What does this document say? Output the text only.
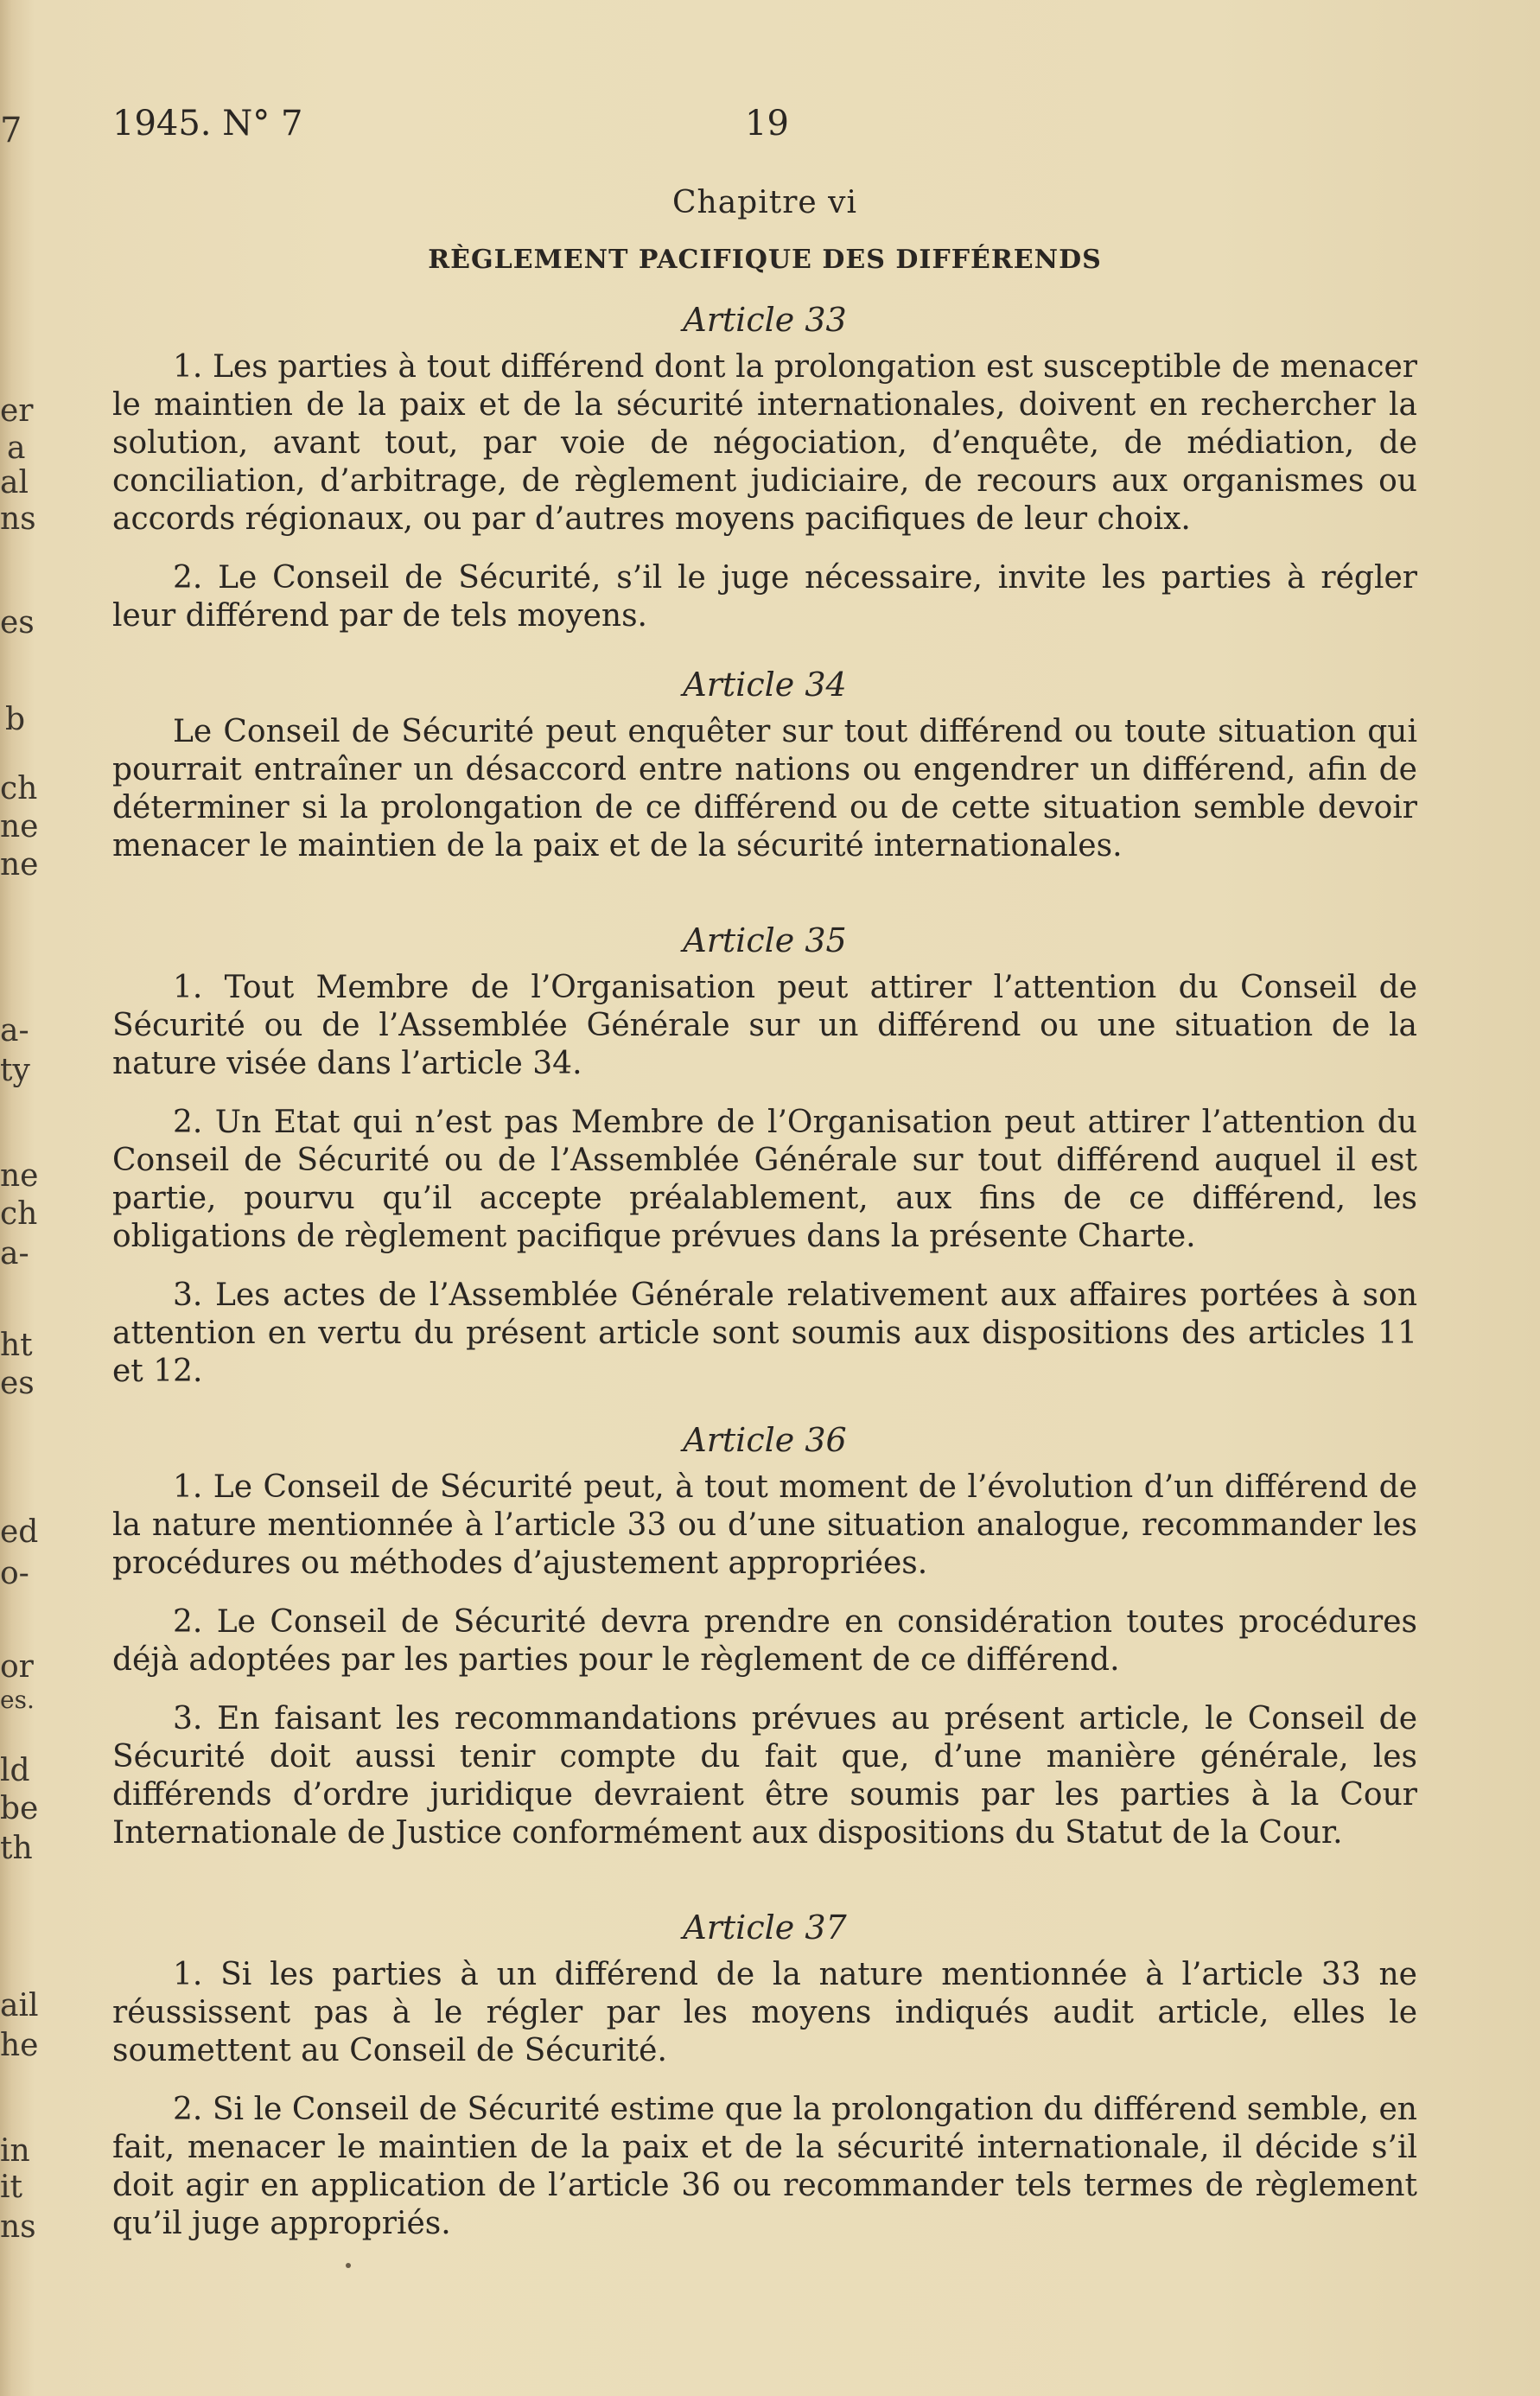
7
er
a
al
ns
es
b
ch
ne
ne
a-
ty
ne
ch
a-
ht
es
ed
o-
or
es.
ld
be
th
ail
he
in
it
ns
1945. N° 7	19

Chapitre vi

RÈGLEMENT PACIFIQUE DES DIFFÉRENDS

Article 33

1. Les parties à tout différend dont la prolongation est susceptible de menacer le maintien de la paix et de la sécurité internationales, doivent en rechercher la solution, avant tout, par voie de négociation, d’enquête, de médiation, de conciliation, d’arbitrage, de règlement judiciaire, de recours aux organismes ou accords régionaux, ou par d’autres moyens pacifiques de leur choix.

2. Le Conseil de Sécurité, s’il le juge nécessaire, invite les parties à régler leur différend par de tels moyens.

Article 34

Le Conseil de Sécurité peut enquêter sur tout différend ou toute situation qui pourrait entraîner un désaccord entre nations ou engendrer un différend, afin de déterminer si la prolongation de ce différend ou de cette situation semble devoir menacer le maintien de la paix et de la sécurité internationales.

Article 35

1. Tout Membre de l’Organisation peut attirer l’attention du Conseil de Sécurité ou de l’Assemblée Générale sur un différend ou une situation de la nature visée dans l’article 34.

2. Un Etat qui n’est pas Membre de l’Organisation peut attirer l’attention du Conseil de Sécurité ou de l’Assemblée Générale sur tout différend auquel il est partie, pourvu qu’il accepte préalablement, aux fins de ce différend, les obligations de règlement pacifique prévues dans la présente Charte.

3. Les actes de l’Assemblée Générale relativement aux affaires portées à son attention en vertu du présent article sont soumis aux dispositions des articles 11 et 12.

Article 36

1. Le Conseil de Sécurité peut, à tout moment de l’évolution d’un différend de la nature mentionnée à l’article 33 ou d’une situation analogue, recommander les procédures ou méthodes d’ajustement appropriées.

2. Le Conseil de Sécurité devra prendre en considération toutes procédures déjà adoptées par les parties pour le règlement de ce différend.

3. En faisant les recommandations prévues au présent article, le Conseil de Sécurité doit aussi tenir compte du fait que, d’une manière générale, les différends d’ordre juridique devraient être soumis par les parties à la Cour Internationale de Justice conformément aux dispositions du Statut de la Cour.

Article 37

1. Si les parties à un différend de la nature mentionnée à l’article 33 ne réussissent pas à le régler par les moyens indiqués audit article, elles le soumettent au Conseil de Sécurité.

2. Si le Conseil de Sécurité estime que la prolongation du différend semble, en fait, menacer le maintien de la paix et de la sécurité internationale, il décide s’il doit agir en application de l’article 36 ou recommander tels termes de règlement qu’il juge appropriés.
